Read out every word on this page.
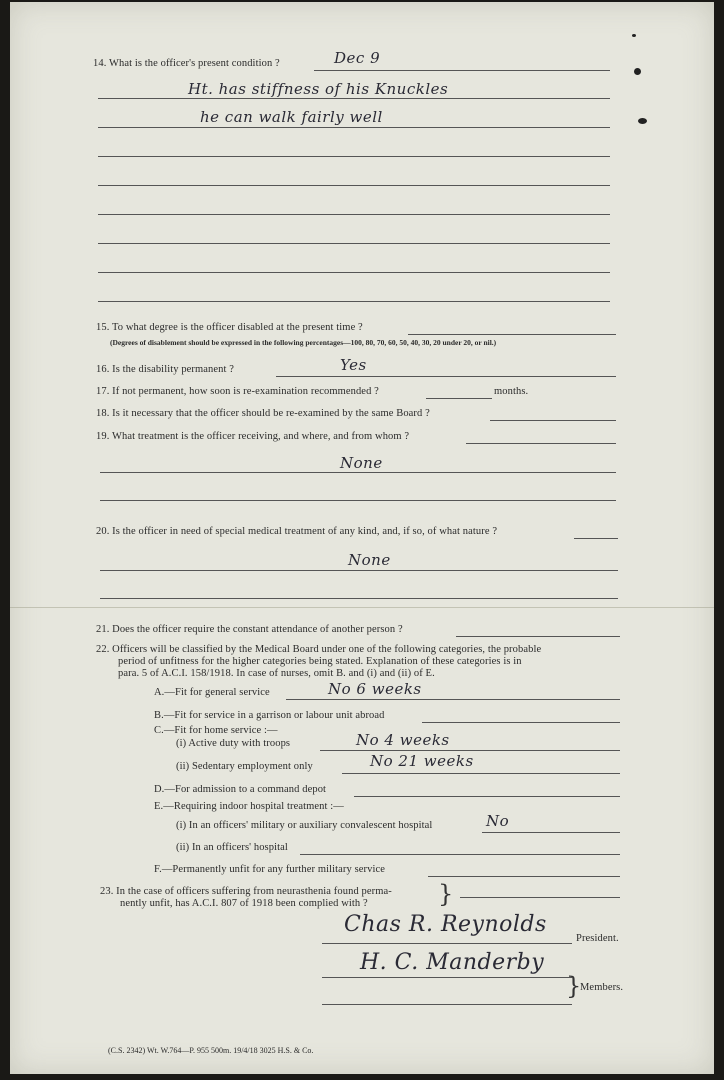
14. What is the officer's present condition ?	Dec 9
Ht. has stiffness of his Knuckles
he can walk fairly well
15. To what degree is the officer disabled at the present time ?
(Degrees of disablement should be expressed in the following percentages—100, 80, 70, 60, 50, 40, 30, 20 under 20, or nil.)
16. Is the disability permanent ?	Yes
17. If not permanent, how soon is re-examination recommended ?	months.
18. Is it necessary that the officer should be re-examined by the same Board ?
19. What treatment is the officer receiving, and where, and from whom ?
None
20. Is the officer in need of special medical treatment of any kind, and, if so, of what nature ?
None
21. Does the officer require the constant attendance of another person ?
22. Officers will be classified by the Medical Board under one of the following categories, the probable
period of unfitness for the higher categories being stated. Explanation of these categories is in
para. 5 of A.C.I. 158/1918. In case of nurses, omit B. and (i) and (ii) of E.
A.—Fit for general service	No 6 weeks
B.—Fit for service in a garrison or labour unit abroad
C.—Fit for home service :—
(i) Active duty with troops	No 4 weeks
(ii) Sedentary employment only	No 21 weeks
D.—For admission to a command depot
E.—Requiring indoor hospital treatment :—
(i) In an officers' military or auxiliary convalescent hospital	No
(ii) In an officers' hospital
F.—Permanently unfit for any further military service
23. In the case of officers suffering from neurasthenia found perma-
nently unfit, has A.C.I. 807 of 1918 been complied with ?	}
Chas R. Reynolds
President.
H. C. Manderby
}
Members.
(C.S. 2342) Wt. W.764—P. 955 500m. 19/4/18 3025 H.S. & Co.
